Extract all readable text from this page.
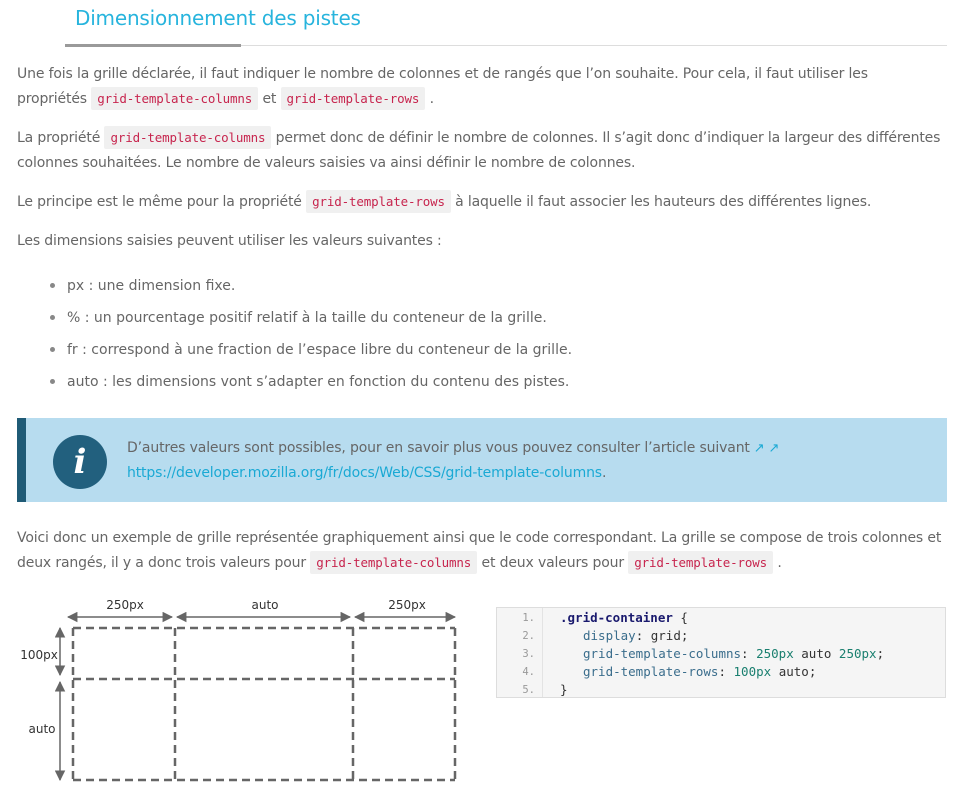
Dimensionnement des pistes

Une fois la grille déclarée, il faut indiquer le nombre de colonnes et de rangés que l’on souhaite. Pour cela, il faut utiliser les propriétés grid-template-columns et grid-template-rows .

La propriété grid-template-columns permet donc de définir le nombre de colonnes. Il s’agit donc d’indiquer la largeur des différentes colonnes souhaitées. Le nombre de valeurs saisies va ainsi définir le nombre de colonnes.

Le principe est le même pour la propriété grid-template-rows à laquelle il faut associer les hauteurs des différentes lignes.

Les dimensions saisies peuvent utiliser les valeurs suivantes :

px : une dimension fixe.
% : un pourcentage positif relatif à la taille du conteneur de la grille.
fr : correspond à une fraction de l’espace libre du conteneur de la grille.
auto : les dimensions vont s’adapter en fonction du contenu des pistes.
i	D’autres valeurs sont possibles, pour en savoir plus vous pouvez consulter l’article suivant ↗︎ ↗︎
https://developer.mozilla.org/fr/docs/Web/CSS/grid-template-columns.

Voici donc un exemple de grille représentée graphiquement ainsi que le code correspondant. La grille se compose de trois colonnes et deux rangés, il y a donc trois valeurs pour grid-template-columns et deux valeurs pour grid-template-rows .

250px	auto	250px
100px
auto
1. .grid-container {
2.	display: grid;
3.	grid-template-columns: 250px auto 250px;
4.	grid-template-rows: 100px auto;
5. }
